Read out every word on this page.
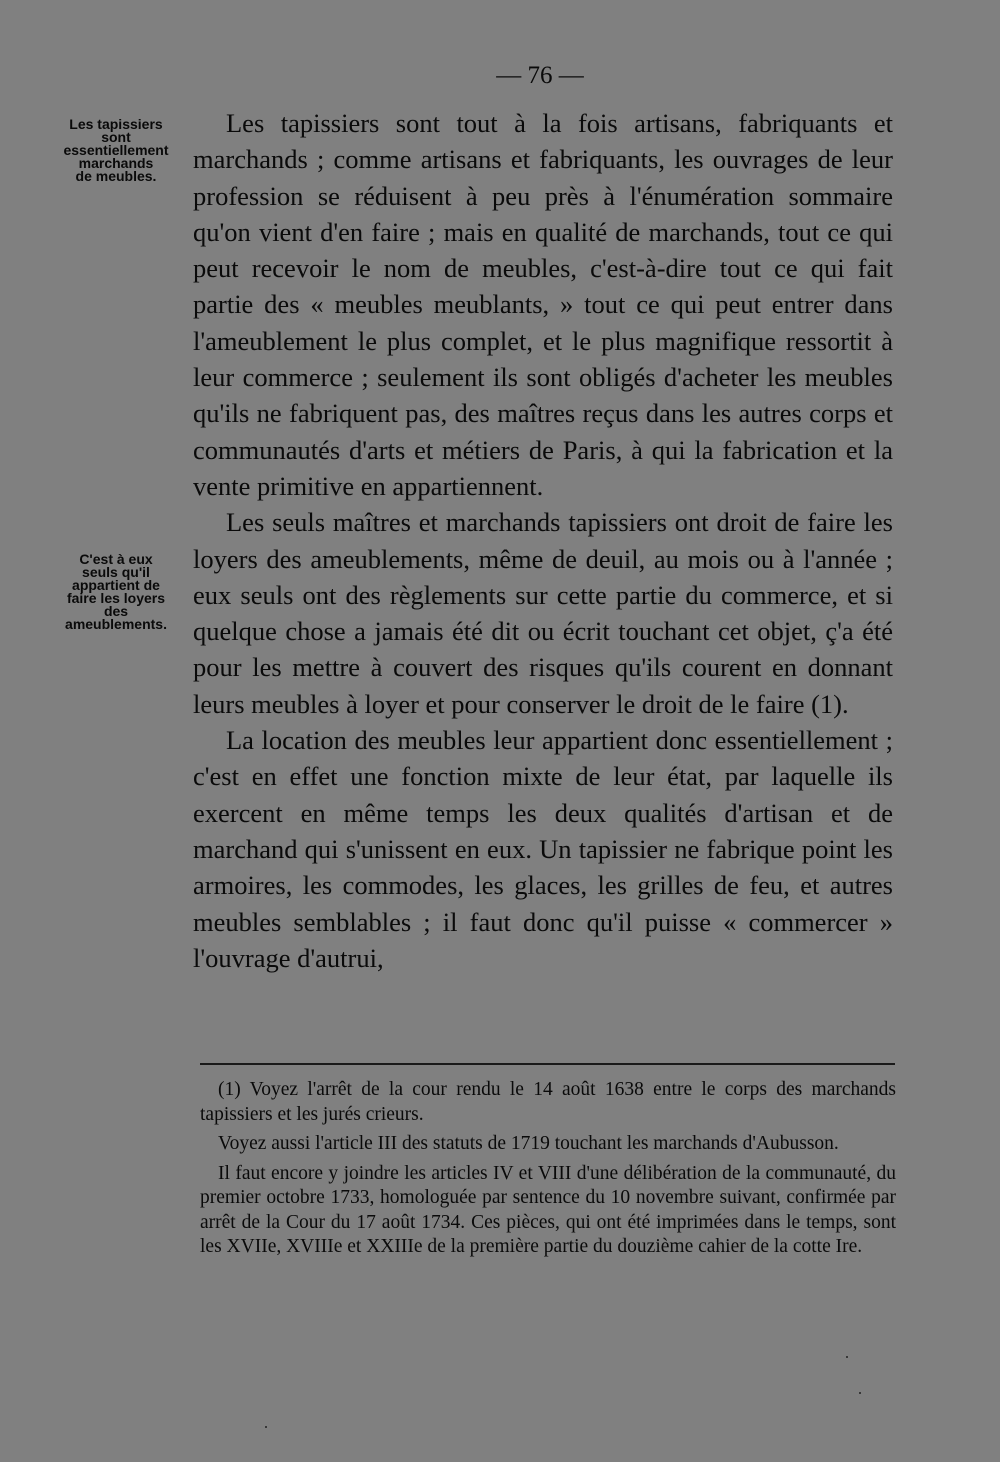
— 76 —
Les tapissiers
sont
essentiellement
marchands
de meubles.
C'est à eux
seuls qu'il
appartient de
faire les loyers
des
ameublements.

Les tapissiers sont tout à la fois artisans, fabriquants et marchands ; comme artisans et fabriquants, les ouvrages de leur profession se réduisent à peu près à l'énumération sommaire qu'on vient d'en faire ; mais en qualité de marchands, tout ce qui peut recevoir le nom de meubles, c'est-à-dire tout ce qui fait partie des « meubles meublants, » tout ce qui peut entrer dans l'ameublement le plus complet, et le plus magnifique ressortit à leur commerce ; seulement ils sont obligés d'acheter les meubles qu'ils ne fabriquent pas, des maîtres reçus dans les autres corps et communautés d'arts et métiers de Paris, à qui la fabrication et la vente primitive en appartiennent.

Les seuls maîtres et marchands tapissiers ont droit de faire les loyers des ameublements, même de deuil, au mois ou à l'année ; eux seuls ont des règlements sur cette partie du commerce, et si quelque chose a jamais été dit ou écrit touchant cet objet, ç'a été pour les mettre à couvert des risques qu'ils courent en donnant leurs meubles à loyer et pour conserver le droit de le faire (1).

La location des meubles leur appartient donc essentiellement ; c'est en effet une fonction mixte de leur état, par laquelle ils exercent en même temps les deux qualités d'artisan et de marchand qui s'unissent en eux. Un tapissier ne fabrique point les armoires, les commodes, les glaces, les grilles de feu, et autres meubles semblables ; il faut donc qu'il puisse « commercer » l'ouvrage d'autrui,

(1) Voyez l'arrêt de la cour rendu le 14 août 1638 entre le corps des marchands tapissiers et les jurés crieurs.

Voyez aussi l'article III des statuts de 1719 touchant les marchands d'Aubusson.

Il faut encore y joindre les articles IV et VIII d'une délibération de la communauté, du premier octobre 1733, homologuée par sentence du 10 novembre suivant, confirmée par arrêt de la Cour du 17 août 1734. Ces pièces, qui ont été imprimées dans le temps, sont les XVIIe, XVIIIe et XXIIIe de la première partie du douzième cahier de la cotte Ire.
